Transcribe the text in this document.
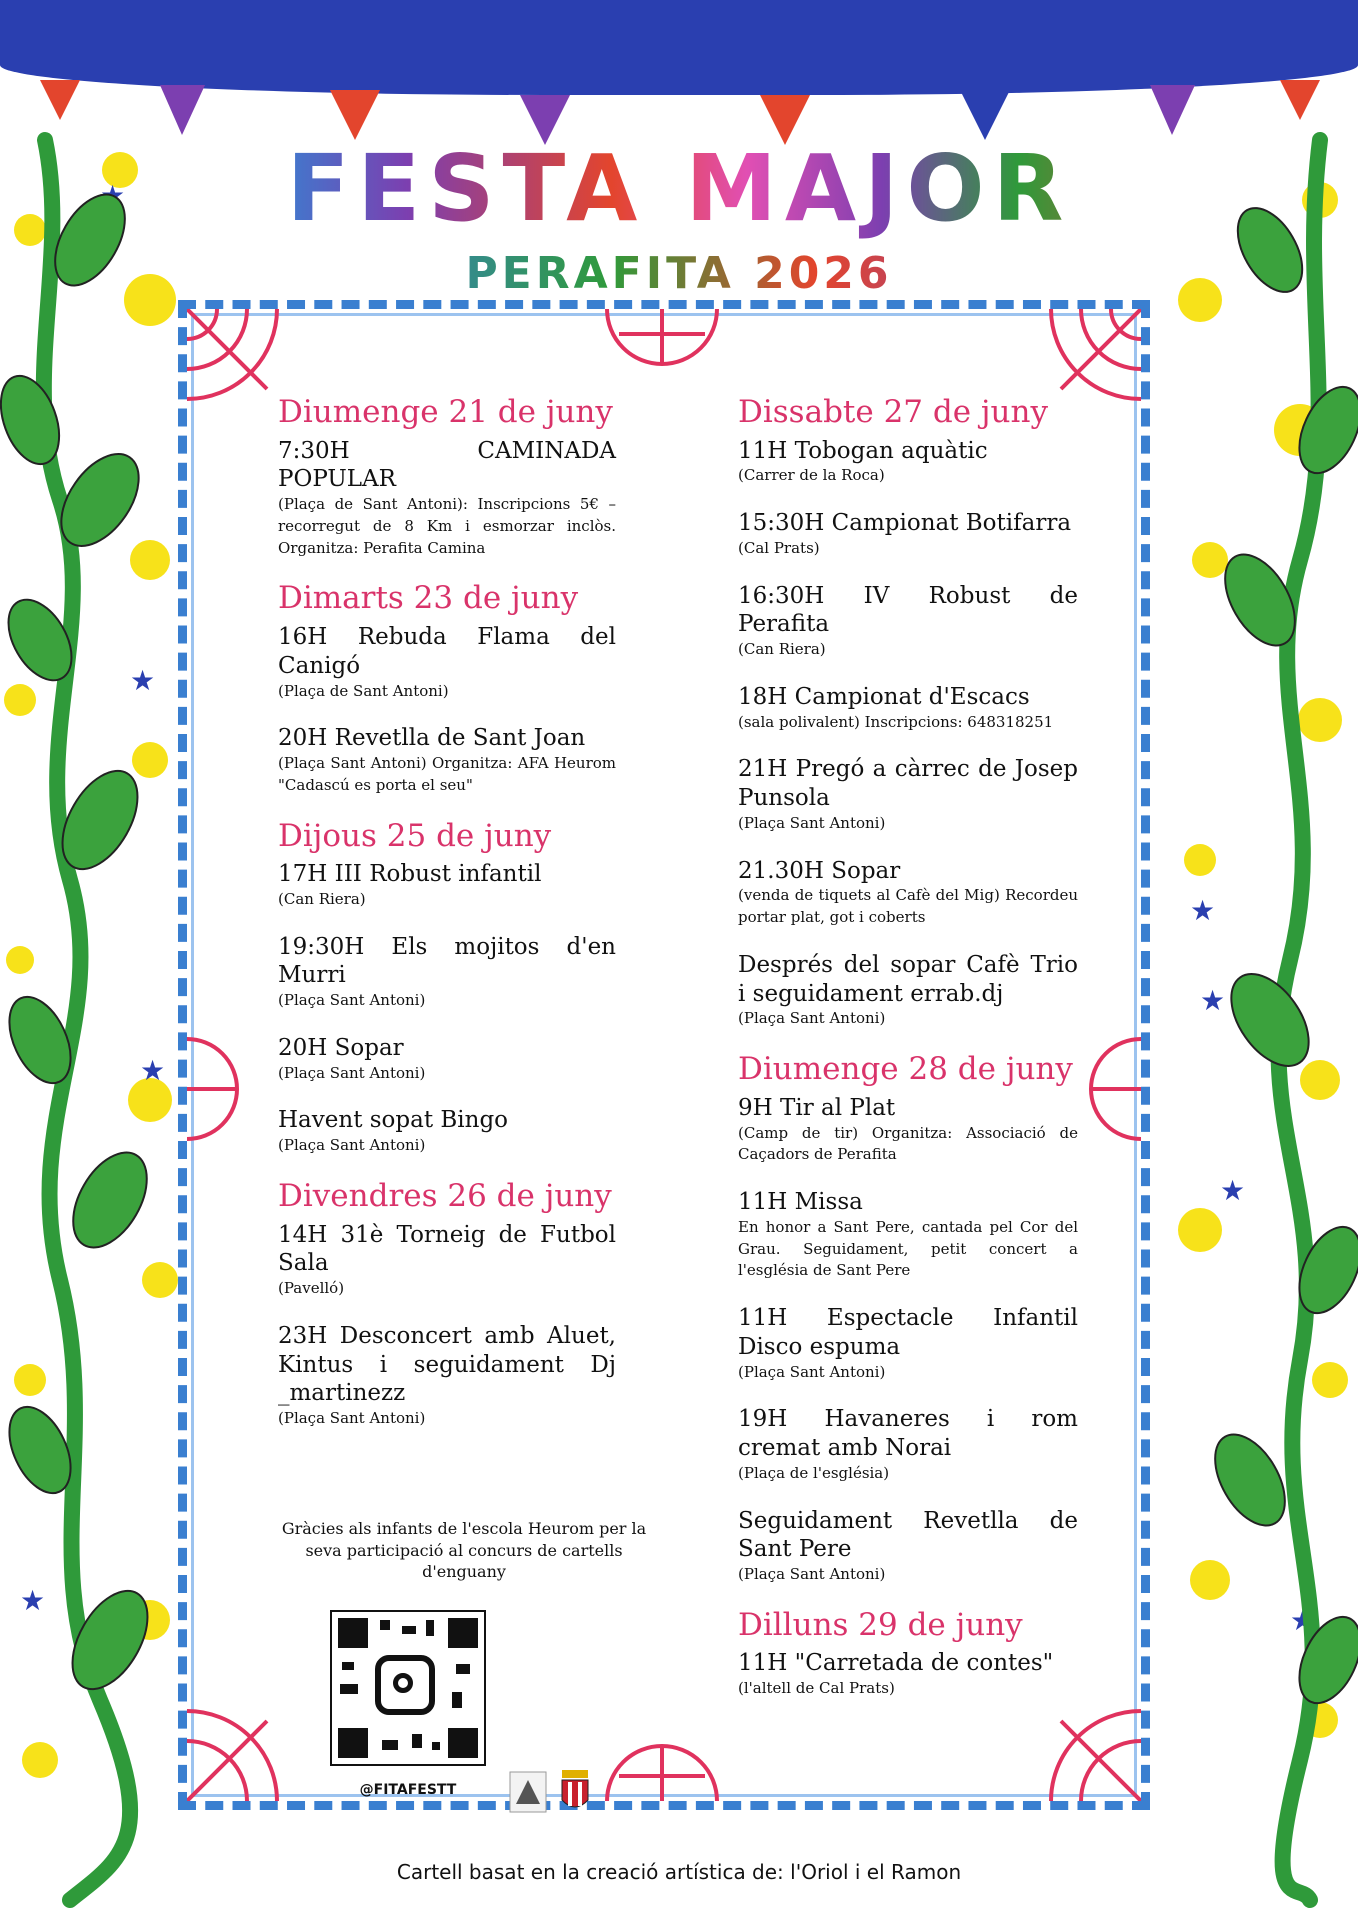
★
★
★
★
★
★
★
FESTA MAJOR
PERAFITA 2026
Diumenge 21 de juny
7:30H CAMINADA POPULAR
(Plaça de Sant Antoni): Inscripcions 5€ – recorregut de 8 Km i esmorzar inclòs. Organitza: Perafita Camina
Dimarts 23 de juny
16H Rebuda Flama del Canigó
(Plaça de Sant Antoni)
20H Revetlla de Sant Joan
(Plaça Sant Antoni) Organitza: AFA Heurom "Cadascú es porta el seu"
Dijous 25 de juny
17H III Robust infantil
(Can Riera)
19:30H Els mojitos d'en Murri
(Plaça Sant Antoni)
20H Sopar
(Plaça Sant Antoni)
Havent sopat Bingo
(Plaça Sant Antoni)
Divendres 26 de juny
14H 31è Torneig de Futbol Sala
(Pavelló)
23H Desconcert amb Aluet, Kintus i seguidament Dj _martinezz
(Plaça Sant Antoni)
Dissabte 27 de juny
11H Tobogan aquàtic
(Carrer de la Roca)
15:30H Campionat Botifarra
(Cal Prats)
16:30H IV Robust de Perafita
(Can Riera)
18H Campionat d'Escacs
(sala polivalent) Inscripcions: 648318251
21H Pregó a càrrec de Josep Punsola
(Plaça Sant Antoni)
21.30H Sopar
(venda de tiquets al Cafè del Mig) Recordeu portar plat, got i coberts
Després del sopar Cafè Trio i seguidament errab.dj
(Plaça Sant Antoni)
Diumenge 28 de juny
9H Tir al Plat
(Camp de tir) Organitza: Associació de Caçadors de Perafita
11H Missa
En honor a Sant Pere, cantada pel Cor del Grau. Seguidament, petit concert a l'església de Sant Pere
11H Espectacle Infantil Disco espuma
(Plaça Sant Antoni)
19H Havaneres i rom cremat amb Norai
(Plaça de l'església)
Seguidament Revetlla de Sant Pere
(Plaça Sant Antoni)
Dilluns 29 de juny
11H "Carretada de contes"
(l'altell de Cal Prats)
Gràcies als infants de l'escola Heurom per la seva participació al concurs de cartells d'enguany
@FITAFESTT
Cartell basat en la creació artística de: l'Oriol i el Ramon
